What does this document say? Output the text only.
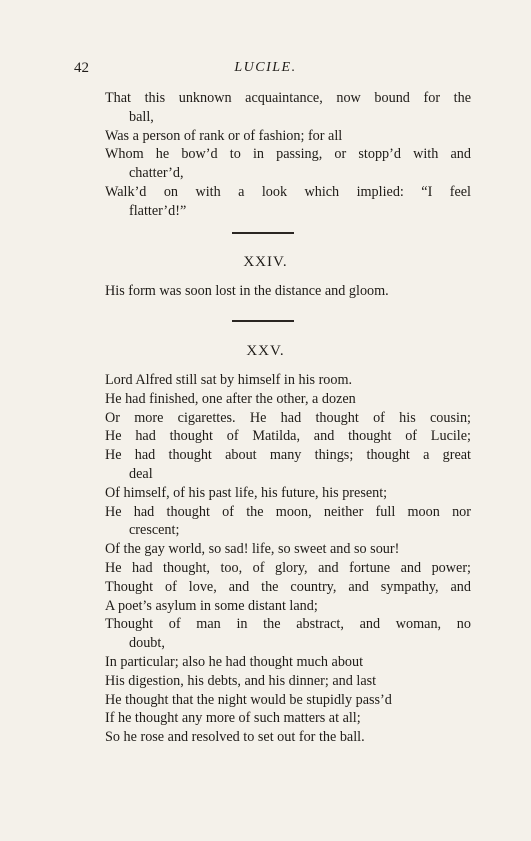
42	LUCILE.
That this unknown acquaintance, now bound for the
ball,
Was a person of rank or of fashion; for all
Whom he bow’d to in passing, or stopp’d with and
chatter’d,
Walk’d on with a look which implied: “I feel
flatter’d!”
XXIV.
His form was soon lost in the distance and gloom.
XXV.
Lord Alfred still sat by himself in his room.
He had finished, one after the other, a dozen
Or more cigarettes. He had thought of his cousin;
He had thought of Matilda, and thought of Lucile;
He had thought about many things; thought a great
deal
Of himself, of his past life, his future, his present;
He had thought of the moon, neither full moon nor
crescent;
Of the gay world, so sad! life, so sweet and so sour!
He had thought, too, of glory, and fortune and power;
Thought of love, and the country, and sympathy, and
A poet’s asylum in some distant land;
Thought of man in the abstract, and woman, no
doubt,
In particular; also he had thought much about
His digestion, his debts, and his dinner; and last
He thought that the night would be stupidly pass’d
If he thought any more of such matters at all;
So he rose and resolved to set out for the ball.
